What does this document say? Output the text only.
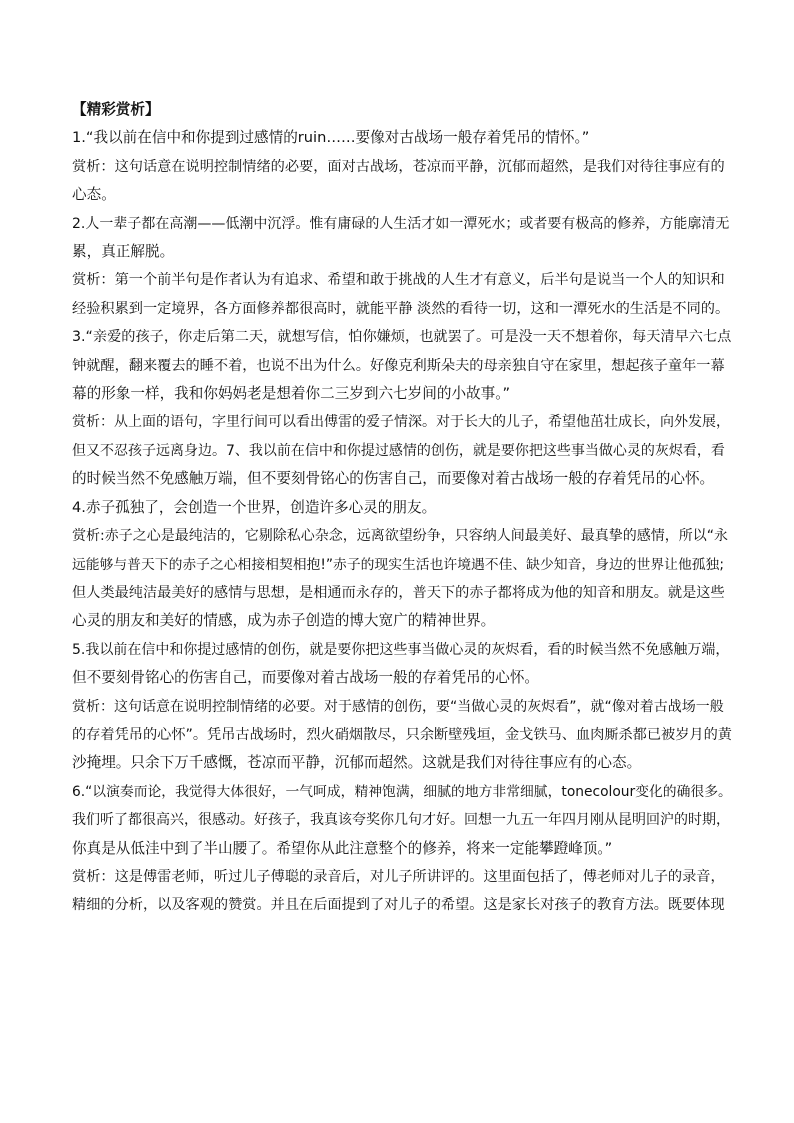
【精彩赏析】
1.“我以前在信中和你提到过感情的ruin……要像对古战场一般存着凭吊的情怀。”
赏析：这句话意在说明控制情绪的必要，面对古战场，苍凉而平静，沉郁而超然，是我们对待往事应有的
心态。
2.人一辈子都在高潮——低潮中沉浮。惟有庸碌的人生活才如一潭死水；或者要有极高的修养，方能廓清无
累，真正解脱。
赏析：第一个前半句是作者认为有追求、希望和敢于挑战的人生才有意义，后半句是说当一个人的知识和
经验积累到一定境界，各方面修养都很高时，就能平静 淡然的看待一切，这和一潭死水的生活是不同的。
3.“亲爱的孩子，你走后第二天，就想写信，怕你嫌烦，也就罢了。可是没一天不想着你，每天清早六七点
钟就醒，翻来覆去的睡不着，也说不出为什么。好像克利斯朵夫的母亲独自守在家里，想起孩子童年一幕
幕的形象一样，我和你妈妈老是想着你二三岁到六七岁间的小故事。”
赏析：从上面的语句，字里行间可以看出傅雷的爱子情深。对于长大的儿子，希望他茁壮成长，向外发展，
但又不忍孩子远离身边。7、我以前在信中和你提过感情的创伤，就是要你把这些事当做心灵的灰烬看，看
的时候当然不免感触万端，但不要刻骨铭心的伤害自己，而要像对着古战场一般的存着凭吊的心怀。
4.赤子孤独了，会创造一个世界，创造许多心灵的朋友。
赏析:赤子之心是最纯洁的，它剔除私心杂念，远离欲望纷争，只容纳人间最美好、最真挚的感情，所以“永
远能够与普天下的赤子之心相接相契相抱!”赤子的现实生活也许境遇不佳、缺少知音，身边的世界让他孤独;
但人类最纯洁最美好的感情与思想，是相通而永存的，普天下的赤子都将成为他的知音和朋友。就是这些
心灵的朋友和美好的情感，成为赤子创造的博大宽广的精神世界。
5.我以前在信中和你提过感情的创伤，就是要你把这些事当做心灵的灰烬看，看的时候当然不免感触万端，
但不要刻骨铭心的伤害自己，而要像对着古战场一般的存着凭吊的心怀。
赏析：这句话意在说明控制情绪的必要。对于感情的创伤，要“当做心灵的灰烬看”，就“像对着古战场一般
的存着凭吊的心怀”。凭吊古战场时，烈火硝烟散尽，只余断壁残垣，金戈铁马、血肉厮杀都已被岁月的黄
沙掩埋。只余下万千感慨，苍凉而平静，沉郁而超然。这就是我们对待往事应有的心态。
6.“以演奏而论，我觉得大体很好，一气呵成，精神饱满，细腻的地方非常细腻，tonecolour变化的确很多。
我们听了都很高兴，很感动。好孩子，我真该夸奖你几句才好。回想一九五一年四月刚从昆明回沪的时期，
你真是从低洼中到了半山腰了。希望你从此注意整个的修养，将来一定能攀蹬峰顶。”
赏析：这是傅雷老师，听过儿子傅聪的录音后，对儿子所讲评的。这里面包括了，傅老师对儿子的录音，
精细的分析，以及客观的赞赏。并且在后面提到了对儿子的希望。这是家长对孩子的教育方法。既要体现
